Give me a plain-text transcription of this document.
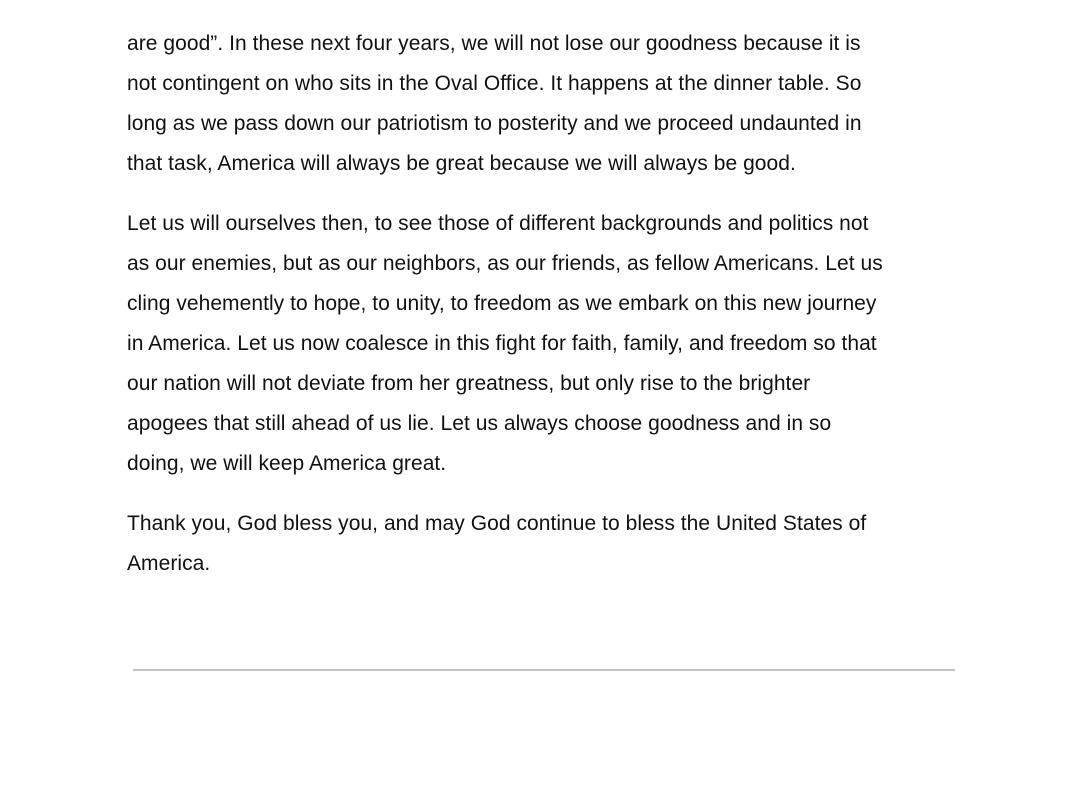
are good”. In these next four years, we will not lose our goodness because it is
not contingent on who sits in the Oval Office. It happens at the dinner table. So
long as we pass down our patriotism to posterity and we proceed undaunted in
that task, America will always be great because we will always be good.

Let us will ourselves then, to see those of different backgrounds and politics not
as our enemies, but as our neighbors, as our friends, as fellow Americans. Let us
cling vehemently to hope, to unity, to freedom as we embark on this new journey
in America. Let us now coalesce in this fight for faith, family, and freedom so that
our nation will not deviate from her greatness, but only rise to the brighter
apogees that still ahead of us lie. Let us always choose goodness and in so
doing, we will keep America great.

Thank you, God bless you, and may God continue to bless the United States of
America.
